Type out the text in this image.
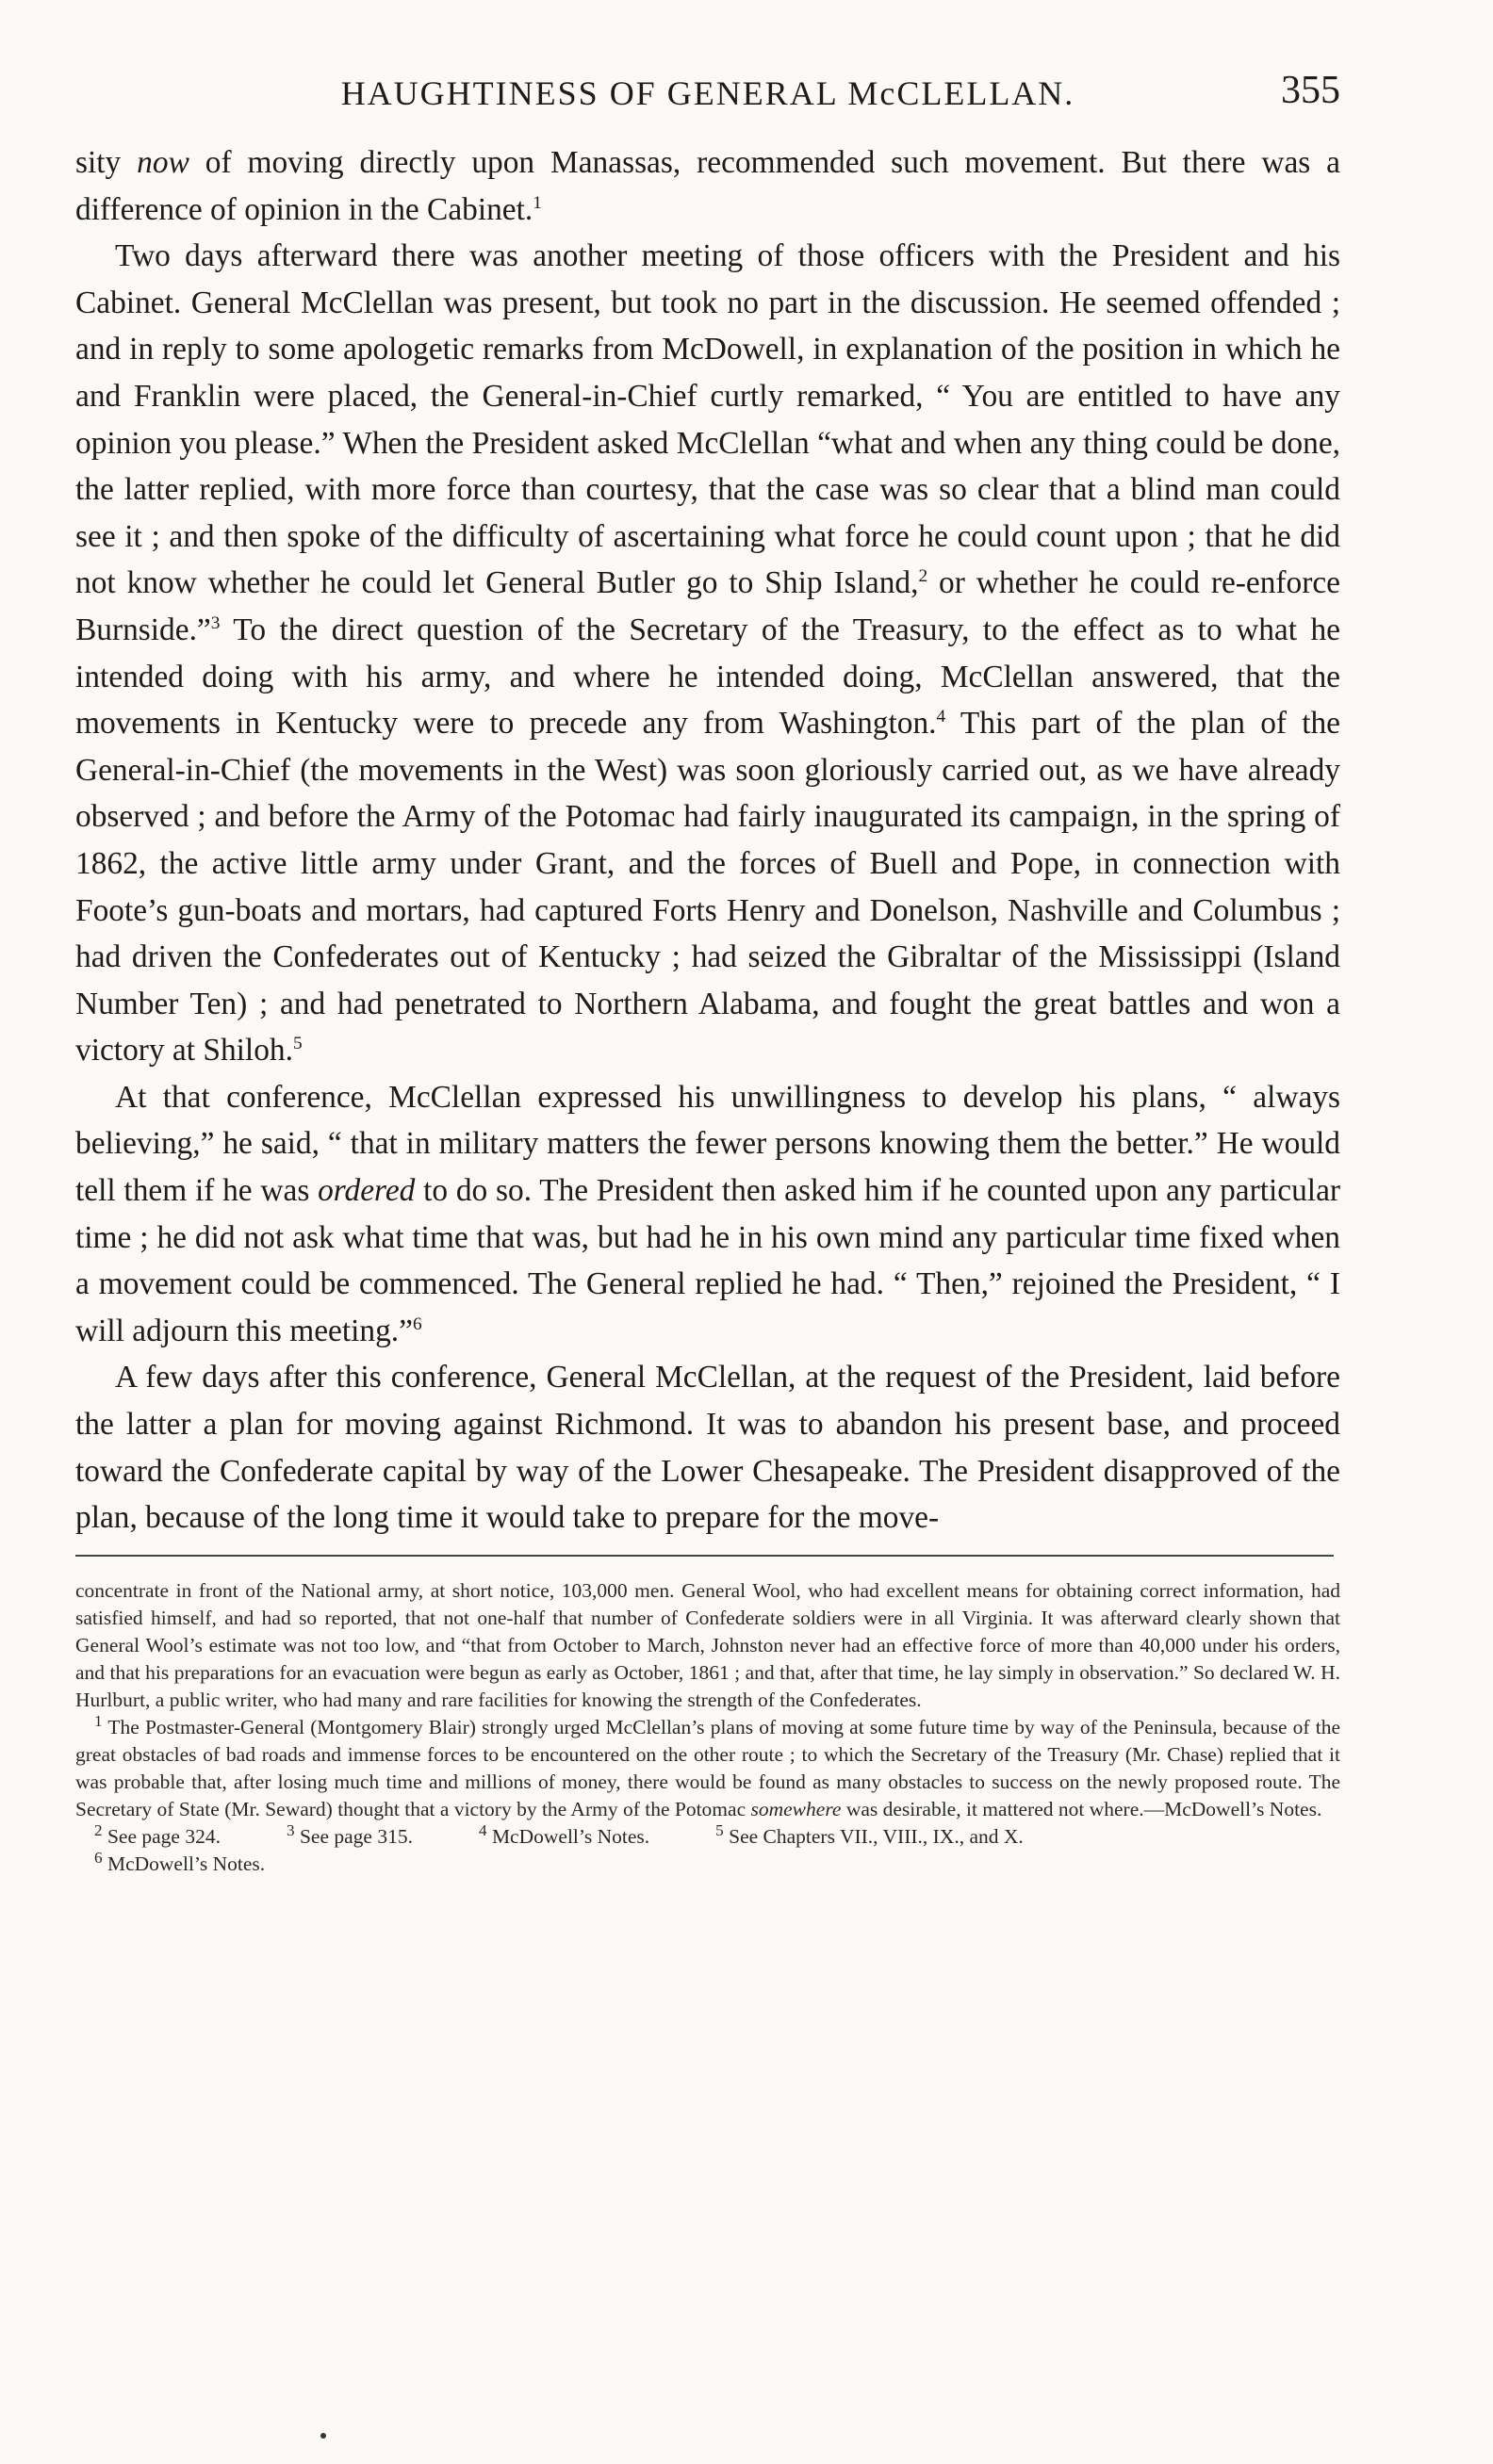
HAUGHTINESS OF GENERAL McCLELLAN.	355

sity now of moving directly upon Manassas, recommended such movement. But there was a difference of opinion in the Cabinet.$^1$

Two days afterward there was another meeting of those officers with the President and his Cabinet. General McClellan was present, but took no part in the discussion. He seemed offended ; and in reply to some apologetic remarks from McDowell, in explanation of the position in which he and Franklin were placed, the General-in-Chief curtly remarked, “ You are entitled to have any opinion you please.” When the President asked McClellan “what and when any thing could be done, the latter replied, with more force than courtesy, that the case was so clear that a blind man could see it ; and then spoke of the difficulty of ascertaining what force he could count upon ; that he did not know whether he could let General Butler go to Ship Island,$^2$ or whether he could re-enforce Burnside.”$^3$ To the direct question of the Secretary of the Treasury, to the effect as to what he intended doing with his army, and where he intended doing, McClellan answered, that the movements in Kentucky were to precede any from Washington.$^4$ This part of the plan of the General-in-Chief (the movements in the West) was soon gloriously carried out, as we have already observed ; and before the Army of the Potomac had fairly inaugurated its campaign, in the spring of 1862, the active little army under Grant, and the forces of Buell and Pope, in connection with Foote’s gun-boats and mortars, had captured Forts Henry and Donelson, Nashville and Columbus ; had driven the Confederates out of Kentucky ; had seized the Gibraltar of the Mississippi (Island Number Ten) ; and had penetrated to Northern Alabama, and fought the great battles and won a victory at Shiloh.$^5$

At that conference, McClellan expressed his unwillingness to develop his plans, “ always believing,” he said, “ that in military matters the fewer persons knowing them the better.” He would tell them if he was ordered to do so. The President then asked him if he counted upon any particular time ; he did not ask what time that was, but had he in his own mind any particular time fixed when a movement could be commenced. The General replied he had. “ Then,” rejoined the President, “ I will adjourn this meeting.”$^6$

A few days after this conference, General McClellan, at the request of the President, laid before the latter a plan for moving against Richmond. It was to abandon his present base, and proceed toward the Confederate capital by way of the Lower Chesapeake. The President disapproved of the plan, because of the long time it would take to prepare for the move-

concentrate in front of the National army, at short notice, 103,000 men. General Wool, who had excellent means for obtaining correct information, had satisfied himself, and had so reported, that not one-half that number of Confederate soldiers were in all Virginia. It was afterward clearly shown that General Wool’s estimate was not too low, and “that from October to March, Johnston never had an effective force of more than 40,000 under his orders, and that his preparations for an evacuation were begun as early as October, 1861 ; and that, after that time, he lay simply in observation.” So declared W. H. Hurlburt, a public writer, who had many and rare facilities for knowing the strength of the Confederates.

$^1$ The Postmaster-General (Montgomery Blair) strongly urged McClellan’s plans of moving at some future time by way of the Peninsula, because of the great obstacles of bad roads and immense forces to be encountered on the other route ; to which the Secretary of the Treasury (Mr. Chase) replied that it was probable that, after losing much time and millions of money, there would be found as many obstacles to success on the newly proposed route. The Secretary of State (Mr. Seward) thought that a victory by the Army of the Potomac somewhere was desirable, it mattered not where.—McDowell’s Notes.

$^2$ See page 324.	$^3$ See page 315.	$^4$ McDowell’s Notes.	$^5$ See Chapters VII., VIII., IX., and X.

$^6$ McDowell’s Notes.
